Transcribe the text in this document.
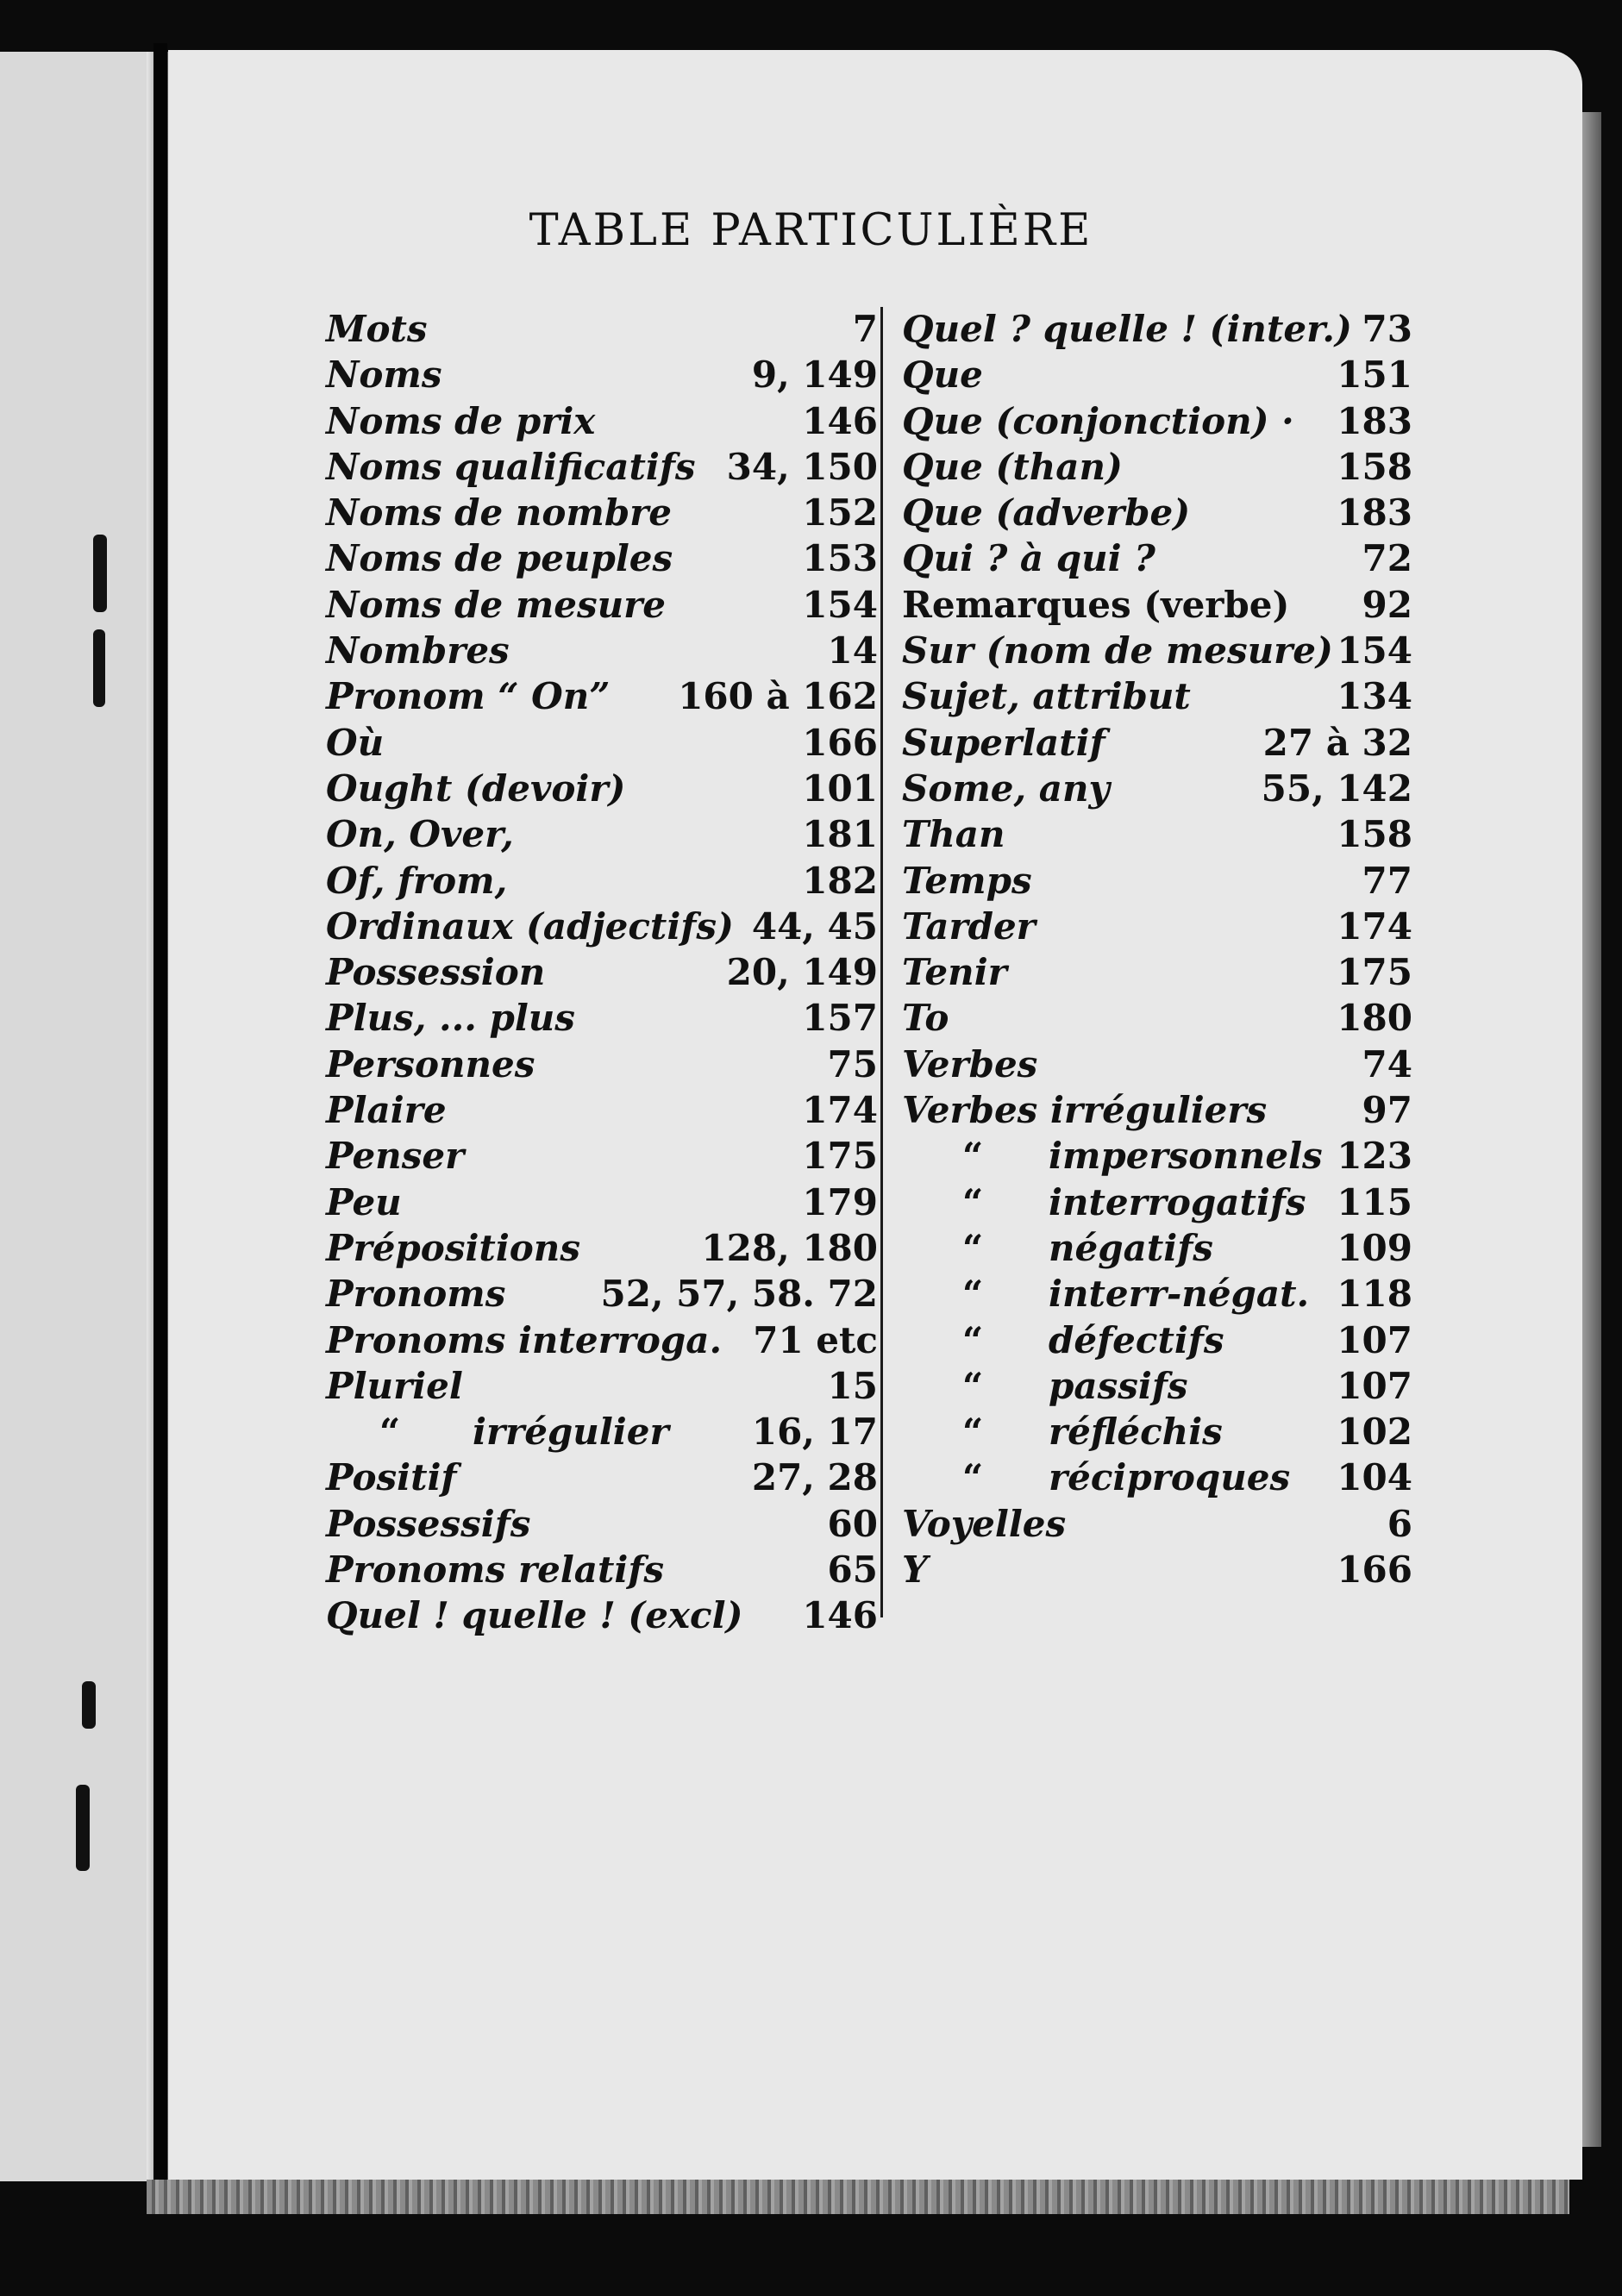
TABLE PARTICULIÈRE
Mots	7
Noms	9, 149
Noms de prix	146
Noms qualificatifs 34, 150
Noms de nombre	152
Noms de peuples	153
Noms de mesure	154
Nombres	14
Pronom “ On” 160 à 162
Où	166
Ought (devoir)	101
On, Over,	181
Of, from,	182
Ordinaux (adjectifs) 44, 45
Possession	20, 149
Plus, ... plus	157
Personnes	75
Plaire	174
Penser	175
Peu	179
Prépositions	128, 180
Pronoms	52, 57, 58. 72
Pronoms interroga. 71 etc
Pluriel	15
“ irrégulier 16, 17
Positif	27, 28
Possessifs	60
Pronoms relatifs	65
Quel ! quelle ! (excl) 146
Quel ? quelle ! (inter.) 73
Que	151
Que (conjonction) · 183
Que (than)	158
Que (adverbe)	183
Qui ? à qui ?	72
Remarques (verbe) 92
Sur (nom de mesure) 154
Sujet, attribut	134
Superlatif	27 à 32
Some, any	55, 142
Than	158
Temps	77
Tarder	174
Tenir	175
To	180
Verbes	74
Verbes irréguliers	97
“ impersonnels 123
“ interrogatifs 115
“ négatifs	109
“ interr-négat. 118
“ défectifs	107
“ passifs	107
“ réfléchis	102
“ réciproques 104
Voyelles	6
Y	166
